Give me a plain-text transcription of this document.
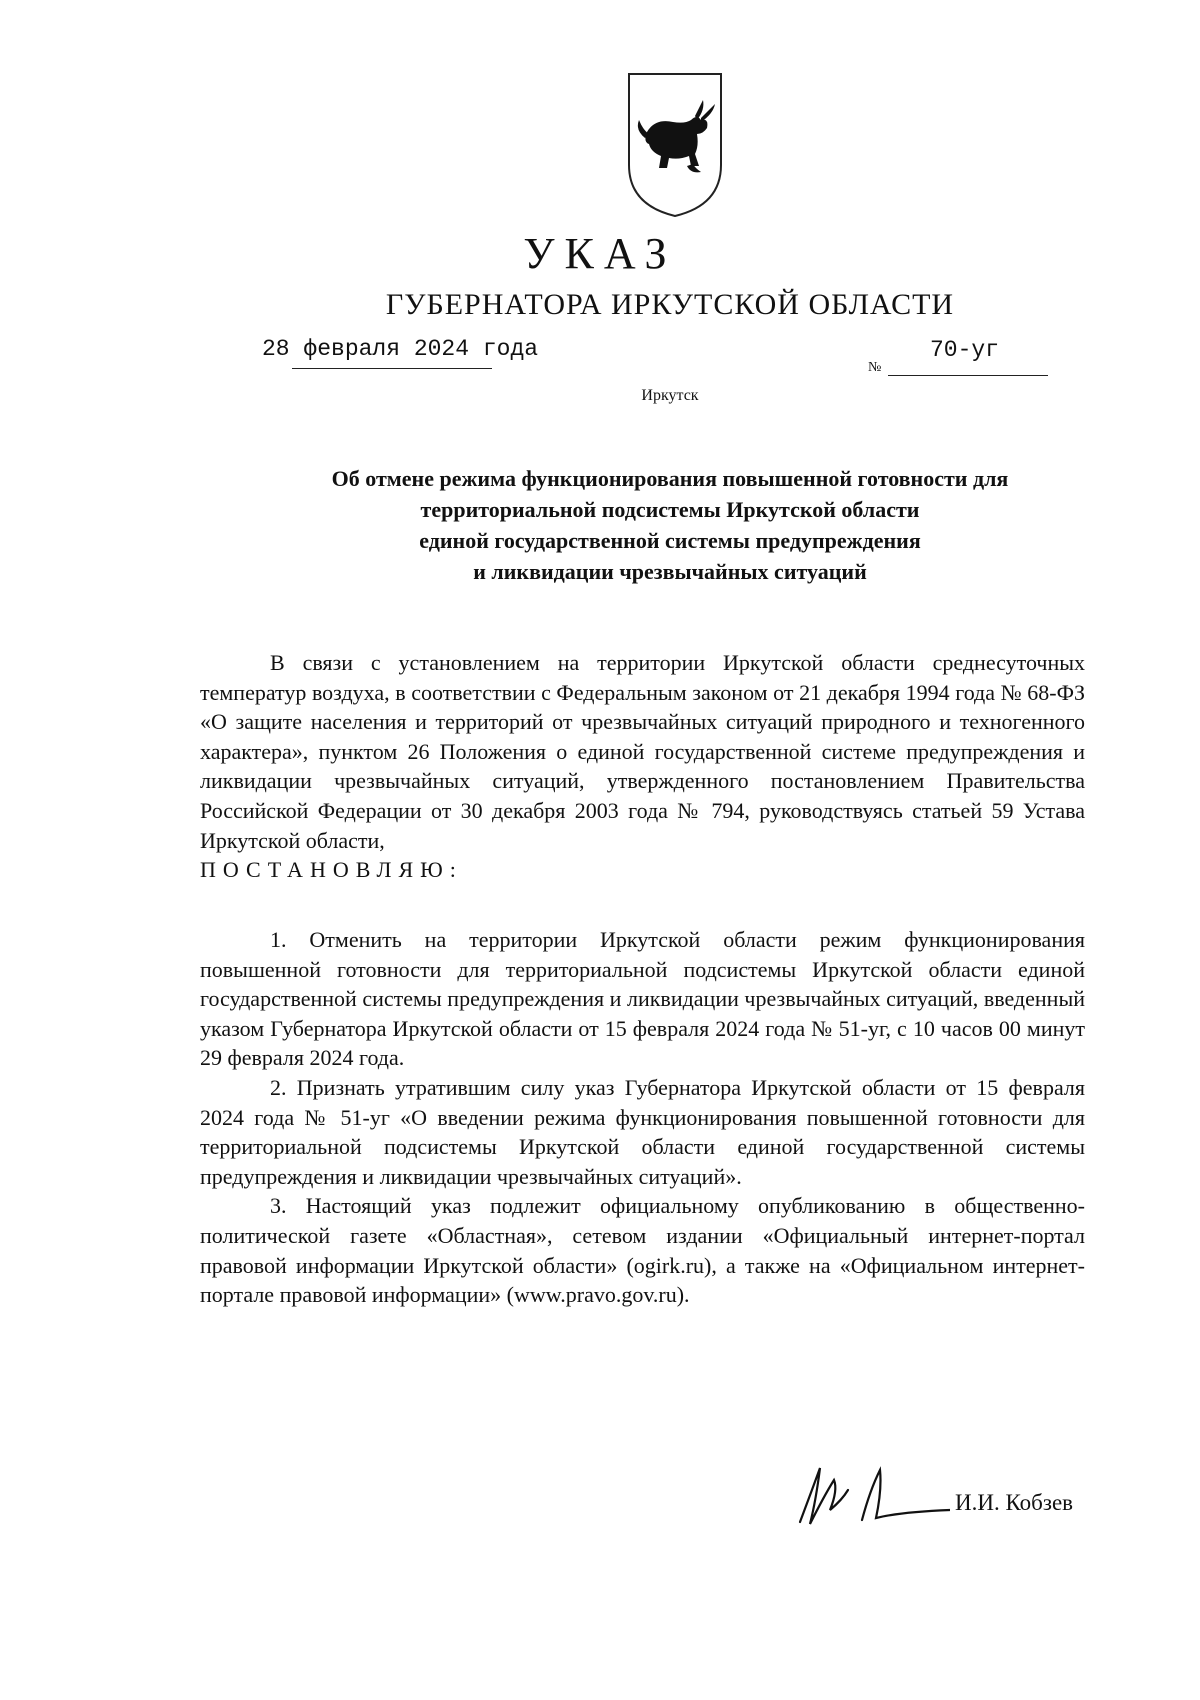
УКАЗ
ГУБЕРНАТОРА ИРКУТСКОЙ ОБЛАСТИ
28 февраля 2024 года
№
70-уг
Иркутск
Об отмене режима функционирования повышенной готовности для
территориальной подсистемы Иркутской области
единой государственной системы предупреждения
и ликвидации чрезвычайных ситуаций
В связи с установлением на территории Иркутской области среднесуточных температур воздуха, в соответствии с Федеральным законом от 21 декабря 1994 года № 68-ФЗ «О защите населения и территорий от чрезвычайных ситуаций природного и техногенного характера», пунктом 26 Положения о единой государственной системе предупреждения и ликвидации чрезвычайных ситуаций, утвержденного постановлением Правительства Российской Федерации от 30 декабря 2003 года № 794, руководствуясь статьей 59 Устава Иркутской области,
ПОСТАНОВЛЯЮ:
1. Отменить на территории Иркутской области режим функционирования повышенной готовности для территориальной подсистемы Иркутской области единой государственной системы предупреждения и ликвидации чрезвычайных ситуаций, введенный указом Губернатора Иркутской области от 15 февраля 2024 года № 51-уг, с 10 часов 00 минут 29 февраля 2024 года.
2. Признать утратившим силу указ Губернатора Иркутской области от 15 февраля 2024 года № 51-уг «О введении режима функционирования повышенной готовности для территориальной подсистемы Иркутской области единой государственной системы предупреждения и ликвидации чрезвычайных ситуаций».
3. Настоящий указ подлежит официальному опубликованию в общественно-политической газете «Областная», сетевом издании «Официальный интернет-портал правовой информации Иркутской области» (ogirk.ru), а также на «Официальном интернет-портале правовой информации» (www.pravo.gov.ru).
И.И. Кобзев
